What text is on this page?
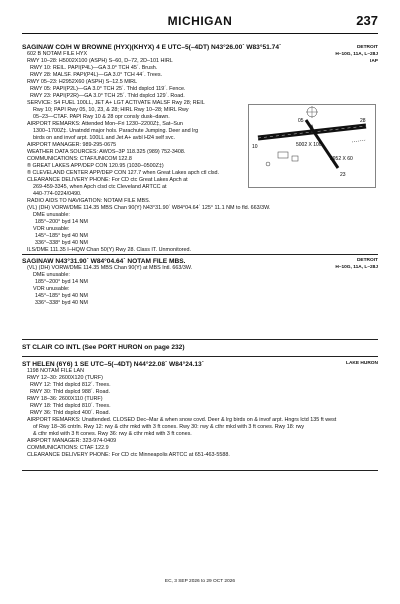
MICHIGAN	237
SAGINAW CO/H W BROWNE (HYX)(KHYX) 4 E UTC–5(–4DT) N43°26.00´ W83°51.74´
602 B NOTAM FILE HYX
RWY 10–28: H5002X100 (ASPH) S–60, D–72, 2D–101 HIRL
RWY 10: REIL. PAPI(P4L)—GA 3.0° TCH 45´. Brush.
RWY 28: MALSF. PAPI(P4L)—GA 3.0° TCH 44´. Trees.
RWY 05–23: H2952X60 (ASPH) S–12.5 MIRL
RWY 05: PAPI(P2L)—GA 3.0° TCH 25´. Thld dsplcd 119´. Fence.
RWY 23: PAPI(P2R)—GA 3.0° TCH 25´. Thld dsplcd 129´. Road.
SERVICE: S4 FUEL 100LL, JET A+ LGT ACTIVATE MALSF Rwy 28; REIL
Rwy 10; PAPI Rwy 05, 10, 23, & 28; HIRL Rwy 10–28; MIRL Rwy
05–23—CTAF. PAPI Rwy 10 & 28 opr consly dusk–dawn.
AIRPORT REMARKS: Attended Mon–Fri 1230–2200Z‡, Sat–Sun
1300–1700Z‡. Unatndd major hols. Parachute Jumping. Deer and lrg
birds on and invof arpt. 100LL and Jet A+ avbl H24 self svc.
AIRPORT MANAGER: 989-295-0675
WEATHER DATA SOURCES: AWOS–3P 118.325 (989) 752-3408.
COMMUNICATIONS: CTAF/UNICOM 122.8
® GREAT LAKES APP/DEP CON 120.95 (1030–0500Z‡)
® CLEVELAND CENTER APP/DEP CON 127.7 when Great Lakes apch ctl clsd.
CLEARANCE DELIVERY PHONE: For CD ctc Great Lakes Apch at
269-459-3345, when Apch clsd ctc Cleveland ARTCC at
440-774-0224/0490.
RADIO AIDS TO NAVIGATION: NOTAM FILE MBS.
(VL) (DH) VORW/DME 114.35 MBS Chan 90(Y) N43°31.90´ W84°04.64´ 125° 11.1 NM to fld. 663/3W.
DME unusable:
185°–200° byd 14 NM
VOR unusable:
145°–185° byd 40 NM
336°–338° byd 40 NM
ILS/DME 111.35 I–HQW Chan 50(Y) Rwy 28. Class IT. Unmonitored.
DETROIT
H–10G, 11A, L–28J
IAP
5002 X 100
2952 X 60
10
28
05
23
SAGINAW N43°31.90´ W84°04.64´ NOTAM FILE MBS.
(VL) (DH) VORW/DME 114.35 MBS Chan 90(Y) at MBS Intl. 663/3W.
DME unusable:
185°–200° byd 14 NM
VOR unusable:
145°–185° byd 40 NM
336°–338° byd 40 NM
DETROIT
H–10G, 11A, L–28J
ST CLAIR CO INTL (See PORT HURON on page 232)
ST HELEN (6Y6) 1 SE UTC–5(–4DT) N44°22.08´ W84°24.13´
1198 NOTAM FILE LAN
RWY 12–30: 2600X120 (TURF)
RWY 12: Thld dsplcd 812´. Trees.
RWY 30: Thld dsplcd 988´. Road.
RWY 18–36: 2600X110 (TURF)
RWY 18: Thld dsplcd 810´. Trees.
RWY 36: Thld dsplcd 400´. Road.
AIRPORT REMARKS: Unattended. CLOSED Dec–Mar & when snow covd. Deer & lrg birds on & invof arpt. Hngrs lctd 135 ft west
of Rwy 18–36 cntrln. Rwy 12: rwy & cthr mkd with 3 ft cones. Rwy 30: rwy & cthr mkd with 3 ft cones. Rwy 18: rwy
& cthr mkd with 3 ft cones. Rwy 36: rwy & cthr mkd with 3 ft cones.
AIRPORT MANAGER: 323-974-0409
COMMUNICATIONS: CTAF 122.9
CLEARANCE DELIVERY PHONE: For CD ctc Minneapolis ARTCC at 651-463-5588.
LAKE HURON
EC, 3 SEP 2026 to 29 OCT 2026
